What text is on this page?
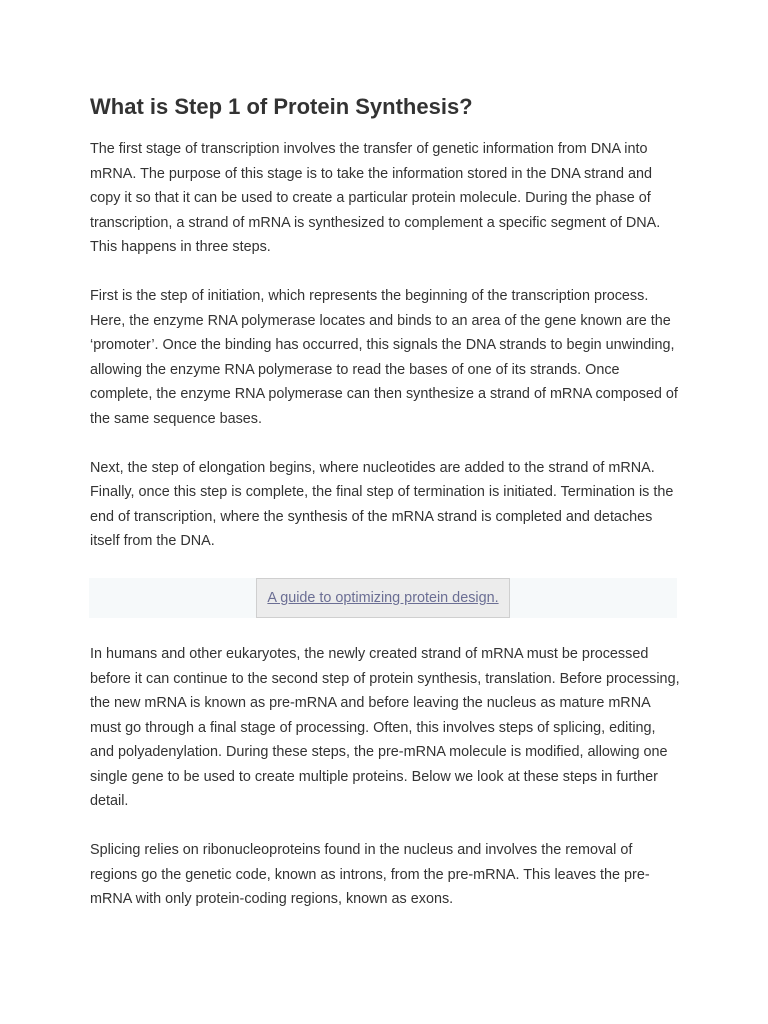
What is Step 1 of Protein Synthesis?

The first stage of transcription involves the transfer of genetic information from DNA into mRNA. The purpose of this stage is to take the information stored in the DNA strand and copy it so that it can be used to create a particular protein molecule. During the phase of transcription, a strand of mRNA is synthesized to complement a specific segment of DNA. This happens in three steps.

First is the step of initiation, which represents the beginning of the transcription process. Here, the enzyme RNA polymerase locates and binds to an area of the gene known are the ‘promoter’. Once the binding has occurred, this signals the DNA strands to begin unwinding, allowing the enzyme RNA polymerase to read the bases of one of its strands. Once complete, the enzyme RNA polymerase can then synthesize a strand of mRNA composed of the same sequence bases.

Next, the step of elongation begins, where nucleotides are added to the strand of mRNA. Finally, once this step is complete, the final step of termination is initiated. Termination is the end of transcription, where the synthesis of the mRNA strand is completed and detaches itself from the DNA.

A guide to optimizing protein design.

In humans and other eukaryotes, the newly created strand of mRNA must be processed before it can continue to the second step of protein synthesis, translation. Before processing, the new mRNA is known as pre-mRNA and before leaving the nucleus as mature mRNA must go through a final stage of processing. Often, this involves steps of splicing, editing, and polyadenylation. During these steps, the pre-mRNA molecule is modified, allowing one single gene to be used to create multiple proteins. Below we look at these steps in further detail.

Splicing relies on ribonucleoproteins found in the nucleus and involves the removal of regions go the genetic code, known as introns, from the pre-mRNA. This leaves the pre-mRNA with only protein-coding regions, known as exons.
